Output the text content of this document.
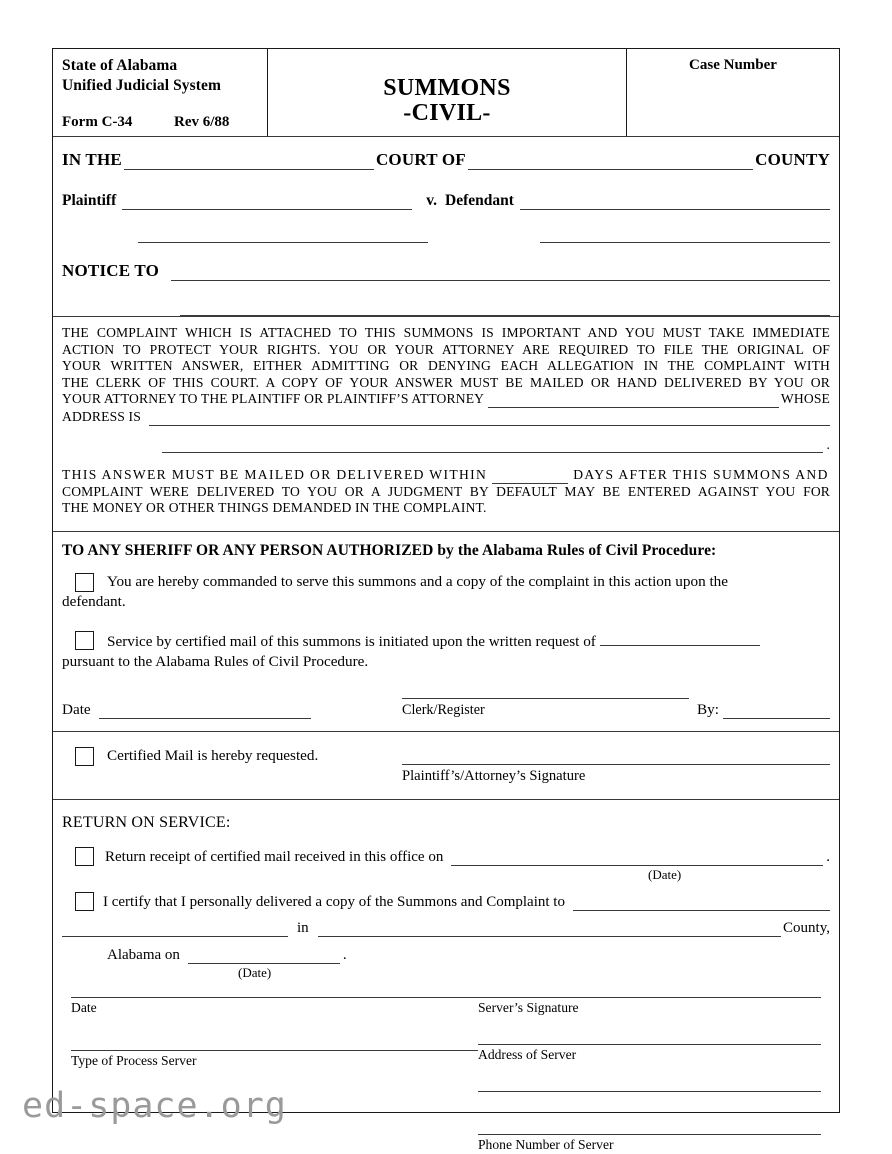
State of Alabama
Unified Judicial System
Form C-34	Rev 6/88
SUMMONS
-CIVIL-
Case Number
IN THE	COURT OF	COUNTY
Plaintiff	v. Defendant
NOTICE TO
THE COMPLAINT WHICH IS ATTACHED TO THIS SUMMONS IS IMPORTANT AND YOU MUST TAKE IMMEDIATE
ACTION TO PROTECT YOUR RIGHTS. YOU OR YOUR ATTORNEY ARE REQUIRED TO FILE THE ORIGINAL OF
YOUR WRITTEN ANSWER, EITHER ADMITTING OR DENYING EACH ALLEGATION IN THE COMPLAINT WITH
THE CLERK OF THIS COURT. A COPY OF YOUR ANSWER MUST BE MAILED OR HAND DELIVERED BY YOU OR
YOUR ATTORNEY TO THE PLAINTIFF OR PLAINTIFF’S ATTORNEY	WHOSE
ADDRESS IS
.
THIS ANSWER MUST BE MAILED OR DELIVERED WITHIN	DAYS AFTER THIS SUMMONS AND
COMPLAINT WERE DELIVERED TO YOU OR A JUDGMENT BY DEFAULT MAY BE ENTERED AGAINST YOU FOR
THE MONEY OR OTHER THINGS DEMANDED IN THE COMPLAINT.
TO ANY SHERIFF OR ANY PERSON AUTHORIZED by the Alabama Rules of Civil Procedure:
You are hereby commanded to serve this summons and a copy of the complaint in this action upon the
defendant.
Service by certified mail of this summons is initiated upon the written request of
pursuant to the Alabama Rules of Civil Procedure.
Date	Clerk/Register	By:
Certified Mail is hereby requested.
Plaintiff’s/Attorney’s Signature
RETURN ON SERVICE:
Return receipt of certified mail received in this office on	.
(Date)
I certify that I personally delivered a copy of the Summons and Complaint to
in	County,
Alabama on	.
(Date)
Date
Type of Process Server
Server’s Signature
Address of Server
Phone Number of Server
ed-space.org
